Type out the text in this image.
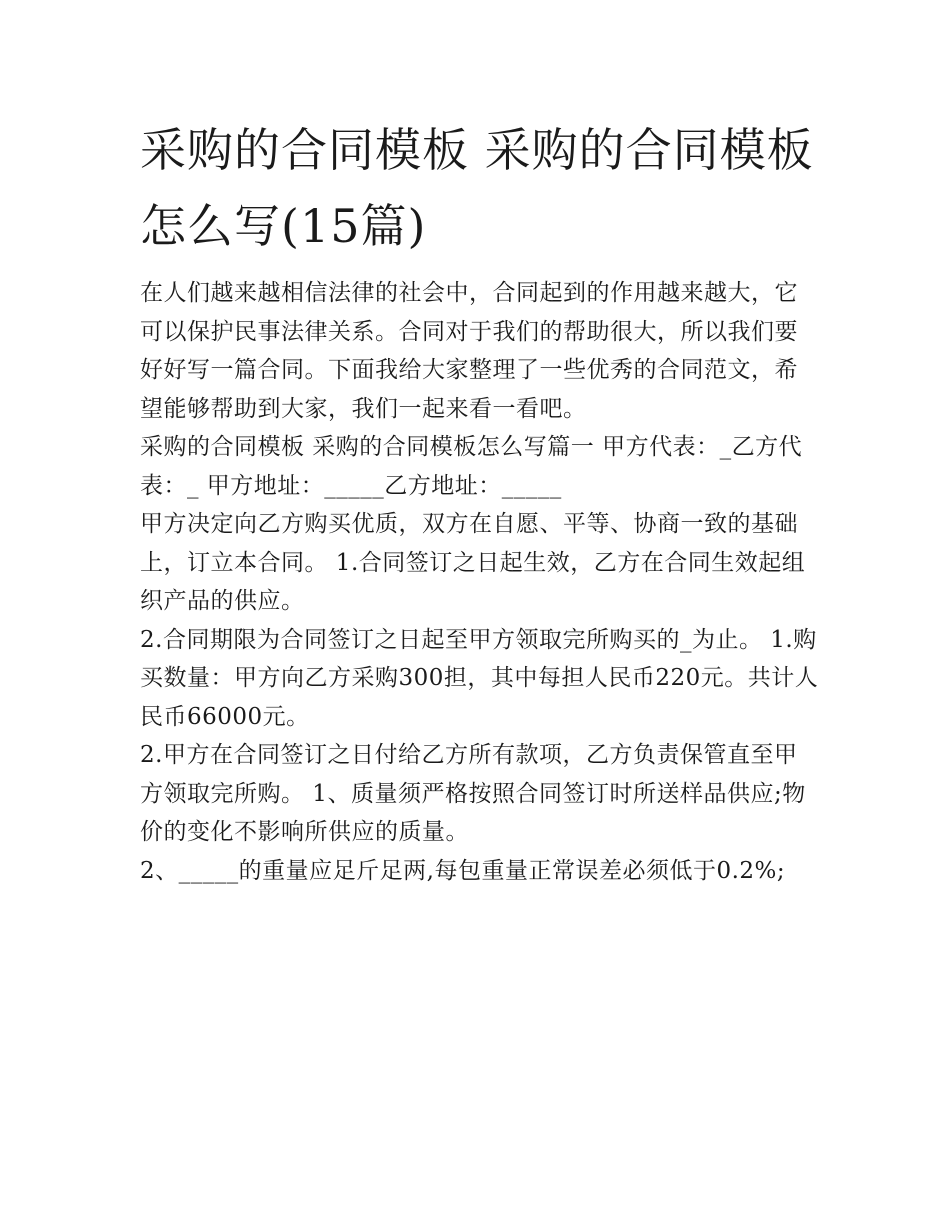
采购的合同模板 采购的合同模板怎么写(15篇)

在人们越来越相信法律的社会中，合同起到的作用越来越大，它可以保护民事法律关系。合同对于我们的帮助很大，所以我们要好好写一篇合同。下面我给大家整理了一些优秀的合同范文，希望能够帮助到大家，我们一起来看一看吧。

采购的合同模板 采购的合同模板怎么写篇一 甲方代表：_乙方代表：_ 甲方地址：_____乙方地址：_____

甲方决定向乙方购买优质，双方在自愿、平等、协商一致的基础上，订立本合同。 1.合同签订之日起生效，乙方在合同生效起组织产品的供应。

2.合同期限为合同签订之日起至甲方领取完所购买的_为止。 1.购买数量：甲方向乙方采购300担，其中每担人民币220元。共计人民币66000元。

2.甲方在合同签订之日付给乙方所有款项，乙方负责保管直至甲方领取完所购。 1、质量须严格按照合同签订时所送样品供应;物价的变化不影响所供应的质量。

2、_____的重量应足斤足两,每包重量正常误差必须低于0.2%;
